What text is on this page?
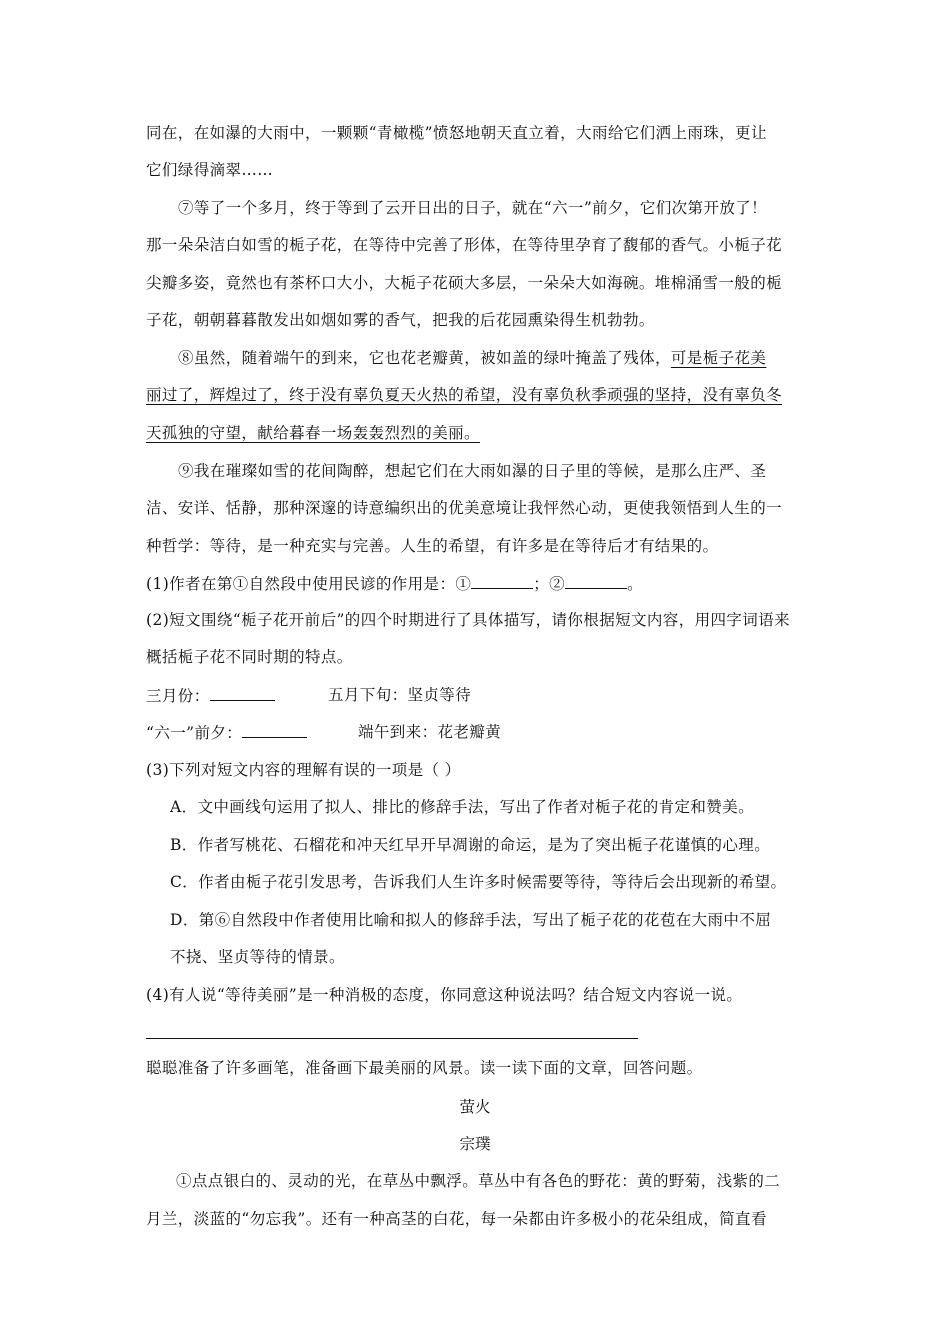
同在，在如瀑的大雨中，一颗颗“青橄榄”愤怒地朝天直立着，大雨给它们洒上雨珠，更让
它们绿得滴翠……
⑦等了一个多月，终于等到了云开日出的日子，就在“六一”前夕，它们次第开放了！
那一朵朵洁白如雪的栀子花，在等待中完善了形体，在等待里孕育了馥郁的香气。小栀子花
尖瓣多姿，竟然也有茶杯口大小，大栀子花硕大多层，一朵朵大如海碗。堆棉涌雪一般的栀
子花，朝朝暮暮散发出如烟如雾的香气，把我的后花园熏染得生机勃勃。
⑧虽然，随着端午的到来，它也花老瓣黄，被如盖的绿叶掩盖了残体，可是栀子花美
丽过了，辉煌过了，终于没有辜负夏天火热的希望，没有辜负秋季顽强的坚持，没有辜负冬
天孤独的守望，献给暮春一场轰轰烈烈的美丽。
⑨我在璀璨如雪的花间陶醉，想起它们在大雨如瀑的日子里的等候，是那么庄严、圣
洁、安详、恬静，那种深邃的诗意编织出的优美意境让我怦然心动，更使我领悟到人生的一
种哲学：等待，是一种充实与完善。人生的希望，有许多是在等待后才有结果的。
(1)作者在第①自然段中使用民谚的作用是：①	；②	。
(2)短文围绕“栀子花开前后”的四个时期进行了具体描写，请你根据短文内容，用四字词语来
概括栀子花不同时期的特点。
三月份：	五月下旬：坚贞等待
“六一”前夕：	端午到来：花老瓣黄
(3)下列对短文内容的理解有误的一项是（ ）
A．文中画线句运用了拟人、排比的修辞手法，写出了作者对栀子花的肯定和赞美。
B．作者写桃花、石榴花和冲天红早开早凋谢的命运，是为了突出栀子花谨慎的心理。
C．作者由栀子花引发思考，告诉我们人生许多时候需要等待，等待后会出现新的希望。
D．第⑥自然段中作者使用比喻和拟人的修辞手法，写出了栀子花的花苞在大雨中不屈
不挠、坚贞等待的情景。
(4)有人说“等待美丽”是一种消极的态度，你同意这种说法吗？结合短文内容说一说。
聪聪准备了许多画笔，准备画下最美丽的风景。读一读下面的文章，回答问题。
萤火
宗璞
①点点银白的、灵动的光，在草丛中飘浮。草丛中有各色的野花：黄的野菊，浅紫的二
月兰，淡蓝的“勿忘我”。还有一种高茎的白花，每一朵都由许多极小的花朵组成，简直看
